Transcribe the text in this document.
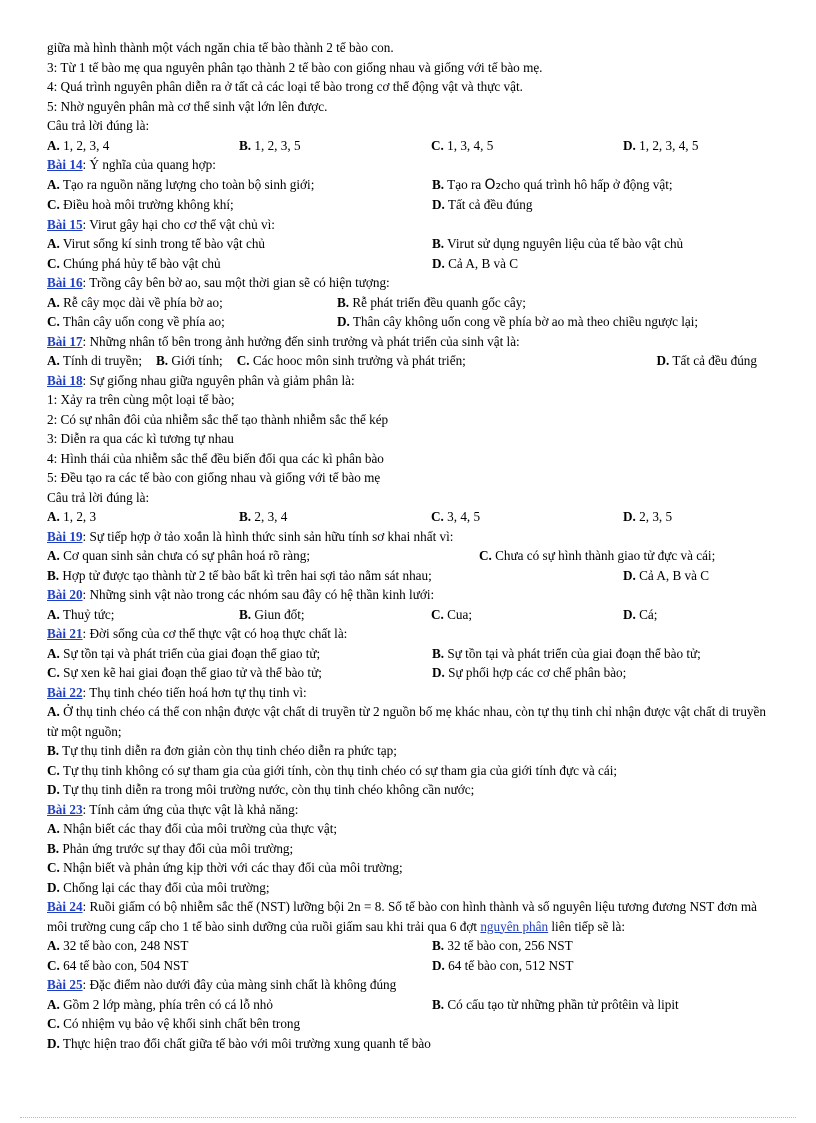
giữa mà hình thành một vách ngăn chia tế bào thành 2 tế bào con.
3: Từ 1 tế bào mẹ qua nguyên phân tạo thành 2 tế bào con giống nhau và giống với tế bào mẹ.
4: Quá trình nguyên phân diễn ra ở tất cả các loại tế bào trong cơ thể động vật và thực vật.
5: Nhờ nguyên phân mà cơ thể sinh vật lớn lên được.
Câu trả lời đúng là:
A. 1, 2, 3, 4	B. 1, 2, 3, 5	C. 1, 3, 4, 5	D. 1, 2, 3, 4, 5
Bài 14: Ý nghĩa của quang hợp:
A. Tạo ra nguồn năng lượng cho toàn bộ sinh giới;	B. Tạo ra O₂cho quá trình hô hấp ở động vật;
C. Điều hoà môi trường không khí;	D. Tất cả đều đúng
Bài 15: Virut gây hại cho cơ thể vật chủ vì:
A. Virut sống kí sinh trong tế bào vật chủ	B. Virut sử dụng nguyên liệu của tế bào vật chủ
C. Chúng phá hủy tế bào vật chủ	D. Cả A, B và C
Bài 16: Trồng cây bên bờ ao, sau một thời gian sẽ có hiện tượng:
A. Rễ cây mọc dài về phía bờ ao;	B. Rễ phát triển đều quanh gốc cây;
C. Thân cây uốn cong về phía ao;	D. Thân cây không uốn cong về phía bờ ao mà theo chiều ngược lại;
Bài 17: Những nhân tố bên trong ảnh hưởng đến sinh trưởng và phát triển của sinh vật là:
A. Tính di truyền; B. Giới tính; C. Các hooc môn sinh trưởng và phát triển;	D. Tất cả đều đúng
Bài 18: Sự giống nhau giữa nguyên phân và giảm phân là:
1: Xảy ra trên cùng một loại tế bào;
2: Có sự nhân đôi của nhiễm sắc thể tạo thành nhiễm sắc thể kép
3: Diễn ra qua các kì tương tự nhau
4: Hình thái của nhiễm sắc thể đều biến đổi qua các kì phân bào
5: Đều tạo ra các tế bào con giống nhau và giống với tế bào mẹ
Câu trả lời đúng là:
A. 1, 2, 3	B. 2, 3, 4	C. 3, 4, 5	D. 2, 3, 5
Bài 19: Sự tiếp hợp ở tảo xoắn là hình thức sinh sản hữu tính sơ khai nhất vì:
A. Cơ quan sinh sản chưa có sự phân hoá rõ ràng;	C. Chưa có sự hình thành giao tử đực và cái;
B. Hợp tử được tạo thành từ 2 tế bào bất kì trên hai sợi tảo nằm sát nhau;	D. Cả A, B và C
Bài 20: Những sinh vật nào trong các nhóm sau đây có hệ thần kinh lưới:
A. Thuỷ tức;	B. Giun đốt;	C. Cua;	D. Cá;
Bài 21: Đời sống của cơ thể thực vật có hoạ thực chất là:
A. Sự tồn tại và phát triển của giai đoạn thể giao tử;	B. Sự tồn tại và phát triển của giai đoạn thể bào tử;
C. Sự xen kẽ hai giai đoạn thể giao tử và thể bào tử;	D. Sự phối hợp các cơ chế phân bào;
Bài 22: Thụ tinh chéo tiến hoá hơn tự thụ tinh vì:
A. Ở thụ tinh chéo cá thể con nhận được vật chất di truyền từ 2 nguồn bố mẹ khác nhau, còn tự thụ tinh chỉ nhận được vật chất di truyền từ một nguồn;
B. Tự thụ tinh diễn ra đơn giản còn thụ tinh chéo diễn ra phức tạp;
C. Tự thụ tinh không có sự tham gia của giới tính, còn thụ tinh chéo có sự tham gia của giới tính đực và cái;
D. Tự thụ tinh diễn ra trong môi trường nước, còn thụ tinh chéo không cần nước;
Bài 23: Tính cảm ứng của thực vật là khả năng:
A. Nhận biết các thay đổi của môi trường của thực vật;
B. Phản ứng trước sự thay đổi của môi trường;
C. Nhận biết và phản ứng kịp thời với các thay đổi của môi trường;
D. Chống lại các thay đổi của môi trường;
Bài 24: Ruồi giấm có bộ nhiễm sắc thể (NST) lưỡng bội 2n = 8. Số tế bào con hình thành và số nguyên liệu tương đương NST đơn mà môi trường cung cấp cho 1 tế bào sinh dưỡng của ruồi giấm sau khi trải qua 6 đợt nguyên phân liên tiếp sẽ là:
A. 32 tế bào con, 248 NST	B. 32 tế bào con, 256 NST
C. 64 tế bào con, 504 NST	D. 64 tế bào con, 512 NST
Bài 25: Đặc điểm nào dưới đây của màng sinh chất là không đúng
A. Gồm 2 lớp màng, phía trên có cá lỗ nhỏ	B. Có cấu tạo từ những phần tử prôtêin và lipit
C. Có nhiệm vụ bảo vệ khối sinh chất bên trong
D. Thực hiện trao đổi chất giữa tế bào với môi trường xung quanh tế bào
